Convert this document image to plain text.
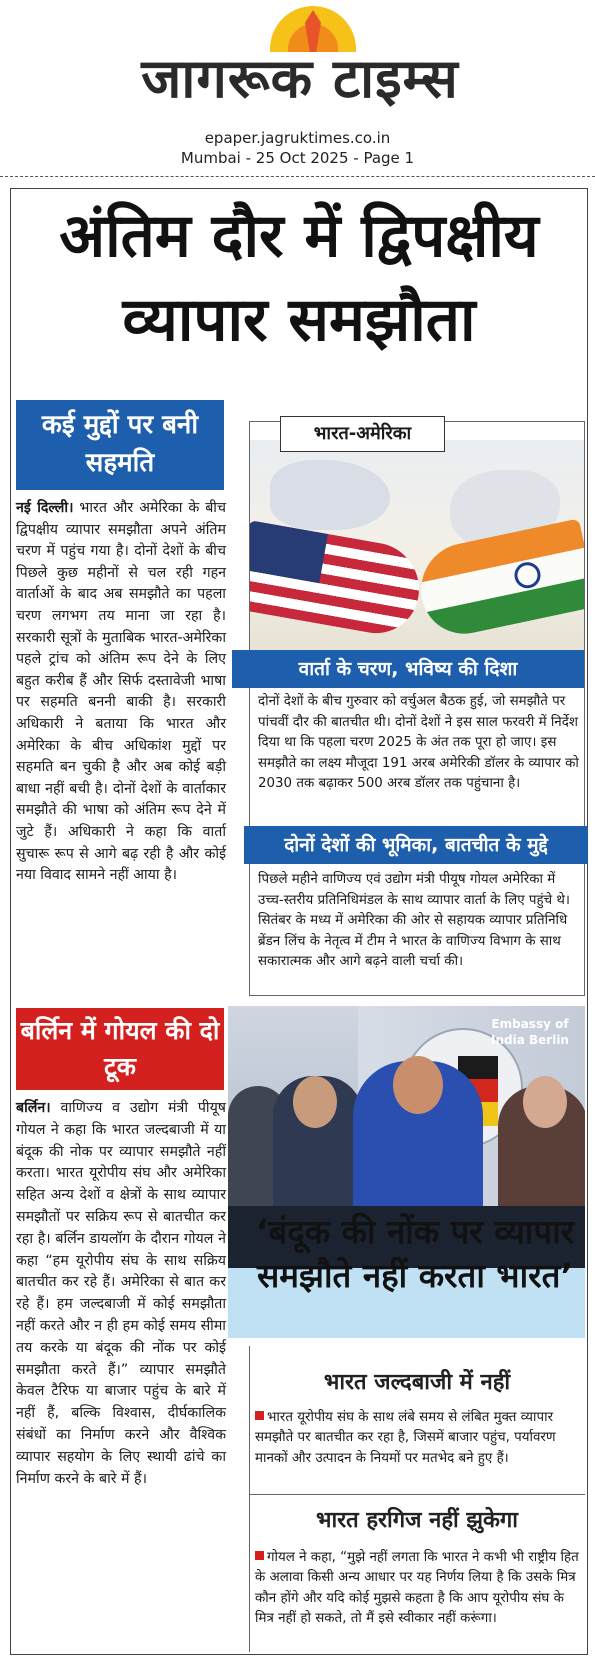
जागरूक टाइम्स
epaper.jagruktimes.co.in
Mumbai - 25 Oct 2025 - Page 1
अंतिम दौर में द्विपक्षीय
व्यापार समझौता
कई मुद्दों पर बनी सहमति
नई दिल्ली। भारत और अमेरिका के बीच द्विपक्षीय व्यापार समझौता अपने अंतिम चरण में पहुंच गया है। दोनों देशों के बीच पिछले कुछ महीनों से चल रही गहन वार्ताओं के बाद अब समझौते का पहला चरण लगभग तय माना जा रहा है। सरकारी सूत्रों के मुताबिक भारत-अमेरिका पहले ट्रांच को अंतिम रूप देने के लिए बहुत करीब हैं और सिर्फ दस्तावेजी भाषा पर सहमति बननी बाकी है। सरकारी अधिकारी ने बताया कि भारत और अमेरिका के बीच अधिकांश मुद्दों पर सहमति बन चुकी है और अब कोई बड़ी बाधा नहीं बची है। दोनों देशों के वार्ताकार समझौते की भाषा को अंतिम रूप देने में जुटे हैं। अधिकारी ने कहा कि वार्ता सुचारू रूप से आगे बढ़ रही है और कोई नया विवाद सामने नहीं आया है।
भारत-अमेरिका
वार्ता के चरण, भविष्य की दिशा
दोनों देशों के बीच गुरुवार को वर्चुअल बैठक हुई, जो समझौते पर पांचवीं दौर की बातचीत थी। दोनों देशों ने इस साल फरवरी में निर्देश दिया था कि पहला चरण 2025 के अंत तक पूरा हो जाए। इस समझौते का लक्ष्य मौजूदा 191 अरब अमेरिकी डॉलर के व्यापार को 2030 तक बढ़ाकर 500 अरब डॉलर तक पहुंचाना है।
दोनों देशों की भूमिका, बातचीत के मुद्दे
पिछले महीने वाणिज्य एवं उद्योग मंत्री पीयूष गोयल अमेरिका में उच्च-स्तरीय प्रतिनिधिमंडल के साथ व्यापार वार्ता के लिए पहुंचे थे। सितंबर के मध्य में अमेरिका की ओर से सहायक व्यापार प्रतिनिधि ब्रेंडन लिंच के नेतृत्व में टीम ने भारत के वाणिज्य विभाग के साथ सकारात्मक और आगे बढ़ने वाली चर्चा की।
बर्लिन में गोयल की दो टूक
बर्लिन। वाणिज्य व उद्योग मंत्री पीयूष गोयल ने कहा कि भारत जल्दबाजी में या बंदूक की नोक पर व्यापार समझौते नहीं करता। भारत यूरोपीय संघ और अमेरिका सहित अन्य देशों व क्षेत्रों के साथ व्यापार समझौतों पर सक्रिय रूप से बातचीत कर रहा है। बर्लिन डायलॉग के दौरान गोयल ने कहा “हम यूरोपीय संघ के साथ सक्रिय बातचीत कर रहे हैं। अमेरिका से बात कर रहे हैं। हम जल्दबाजी में कोई समझौता नहीं करते और न ही हम कोई समय सीमा तय करके या बंदूक की नोंक पर कोई समझौता करते हैं।” व्यापार समझौते केवल टैरिफ या बाजार पहुंच के बारे में नहीं हैं, बल्कि विश्वास, दीर्घकालिक संबंधों का निर्माण करने और वैश्विक व्यापार सहयोग के लिए स्थायी ढांचे का निर्माण करने के बारे में हैं।
Embassy of India Berlin
‘बंदूक की नोंक पर व्यापार समझौते नहीं करता भारत’
भारत जल्दबाजी में नहीं
भारत यूरोपीय संघ के साथ लंबे समय से लंबित मुक्त व्यापार समझौते पर बातचीत कर रहा है, जिसमें बाजार पहुंच, पर्यावरण मानकों और उत्पादन के नियमों पर मतभेद बने हुए हैं।
भारत हरगिज नहीं झुकेगा
गोयल ने कहा, “मुझे नहीं लगता कि भारत ने कभी भी राष्ट्रीय हित के अलावा किसी अन्य आधार पर यह निर्णय लिया है कि उसके मित्र कौन होंगे और यदि कोई मुझसे कहता है कि आप यूरोपीय संघ के मित्र नहीं हो सकते, तो मैं इसे स्वीकार नहीं करूंगा।
